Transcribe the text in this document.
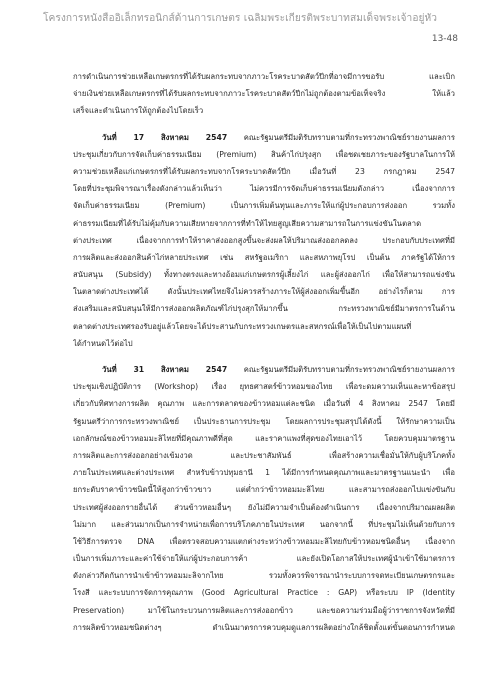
โครงการหนังสืออิเล็กทรอนิกส์ด้านการเกษตร เฉลิมพระเกียรติพระบาทสมเด็จพระเจ้าอยู่หัว
13-48
การดำเนินการช่วยเหลือเกษตรกรที่ได้รับผลกระทบจากภาวะโรคระบาดสัตว์ปีกที่อาจมีการขอรับ และเบิก
จ่ายเงินช่วยเหลือเกษตรกรที่ได้รับผลกระทบจากภาวะโรคระบาดสัตว์ปีกไม่ถูกต้องตามข้อเท็จจริง ให้แล้ว
เสร็จและดำเนินการให้ถูกต้องไปโดยเร็ว
วันที่ 17 สิงหาคม 2547 คณะรัฐมนตรีมีมติรับทราบตามที่กระทรวงพาณิชย์รายงานผลการ
ประชุมเกี่ยวกับการจัดเก็บค่าธรรมเนียม (Premium) สินค้าไก่ปรุงสุก เพื่อชดเชยภาระของรัฐบาลในการให้
ความช่วยเหลือแก่เกษตรกรที่ได้รับผลกระทบจากโรคระบาดสัตว์ปีก เมื่อวันที่ 23 กรกฎาคม 2547
โดยที่ประชุมพิจารณาเรื่องดังกล่าวแล้วเห็นว่า ไม่ควรมีการจัดเก็บค่าธรรมเนียมดังกล่าว เนื่องจากการ
จัดเก็บค่าธรรมเนียม (Premium) เป็นการเพิ่มต้นทุนและภาระให้แก่ผู้ประกอบการส่งออก รวมทั้ง
ค่าธรรมเนียมที่ได้รับไม่คุ้มกับความเสียหายจากการที่ทำให้ไทยสูญเสียความสามารถในการแข่งขันในตลาด
ต่างประเทศ เนื่องจากการทำให้ราคาส่งออกสูงขึ้นจะส่งผลให้ปริมาณส่งออกลดลง ประกอบกับประเทศที่มี
การผลิตและส่งออกสินค้าไก่หลายประเทศ เช่น สหรัฐอเมริกา และสหภาพยุโรป เป็นต้น ภาครัฐได้ให้การ
สนับสนุน (Subsidy) ทั้งทางตรงและทางอ้อมแก่เกษตรกรผู้เลี้ยงไก่ และผู้ส่งออกไก่ เพื่อให้สามารถแข่งขัน
ในตลาดต่างประเทศได้ ดังนั้นประเทศไทยจึงไม่ควรสร้างภาระให้ผู้ส่งออกเพิ่มขึ้นอีก อย่างไรก็ตาม การ
ส่งเสริมและสนับสนุนให้มีการส่งออกผลิตภัณฑ์ไก่ปรุงสุกให้มากขึ้น กระทรวงพาณิชย์มีมาตรการในด้าน
ตลาดต่างประเทศรองรับอยู่แล้วโดยจะได้ประสานกับกระทรวงเกษตรและสหกรณ์เพื่อให้เป็นไปตามแผนที่
ได้กำหนดไว้ต่อไป
วันที่ 31 สิงหาคม 2547 คณะรัฐมนตรีมีมติรับทราบตามที่กระทรวงพาณิชย์รายงานผลการ
ประชุมเชิงปฏิบัติการ (Workshop) เรื่อง ยุทธศาสตร์ข้าวหอมของไทย เพื่อระดมความเห็นและหาข้อสรุป
เกี่ยวกับทิศทางการผลิต คุณภาพ และการตลาดของข้าวหอมแต่ละชนิด เมื่อวันที่ 4 สิงหาคม 2547 โดยมี
รัฐมนตรีว่าการกระทรวงพาณิชย์ เป็นประธานการประชุม โดยผลการประชุมสรุปได้ดังนี้ ให้รักษาความเป็น
เอกลักษณ์ของข้าวหอมมะลิไทยที่มีคุณภาพดีที่สุด และราคาแพงที่สุดของไทยเอาไว้ โดยควบคุมมาตรฐาน
การผลิตและการส่งออกอย่างเข้มงวด และประชาสัมพันธ์ เพื่อสร้างความเชื่อมั่นให้กับผู้บริโภคทั้ง
ภายในประเทศและต่างประเทศ สำหรับข้าวปทุมธานี 1 ได้มีการกำหนดคุณภาพและมาตรฐานแนะนำ เพื่อ
ยกระดับราคาข้าวชนิดนี้ให้สูงกว่าข้าวขาว แต่ต่ำกว่าข้าวหอมมะลิไทย และสามารถส่งออกไปแข่งขันกับ
ประเทศผู้ส่งออกรายอื่นได้ ส่วนข้าวหอมอื่นๆ ยังไม่มีความจำเป็นต้องดำเนินการ เนื่องจากปริมาณผลผลิต
ไม่มาก และส่วนมากเป็นการจำหน่ายเพื่อการบริโภคภายในประเทศ นอกจากนี้ ที่ประชุมไม่เห็นด้วยกับการ
ใช้วิธีการตรวจ DNA เพื่อตรวจสอบความแตกต่างระหว่างข้าวหอมมะลิไทยกับข้าวหอมชนิดอื่นๆ เนื่องจาก
เป็นการเพิ่มภาระและค่าใช้จ่ายให้แก่ผู้ประกอบการค้า และยังเปิดโอกาสให้ประเทศผู้นำเข้าใช้มาตรการ
ดังกล่าวกีดกันการนำเข้าข้าวหอมมะลิจากไทย รวมทั้งควรพิจารณานำระบบการจดทะเบียนเกษตรกรและ
โรงสี และระบบการจัดการคุณภาพ (Good Agricultural Practice : GAP) หรือระบบ IP (Identity
Preservation) มาใช้ในกระบวนการผลิตและการส่งออกข้าว และขอความร่วมมือผู้ว่าราชการจังหวัดที่มี
การผลิตข้าวหอมชนิดต่างๆ ดำเนินมาตรการควบคุมดูแลการผลิตอย่างใกล้ชิดตั้งแต่ขั้นตอนการกำหนด
